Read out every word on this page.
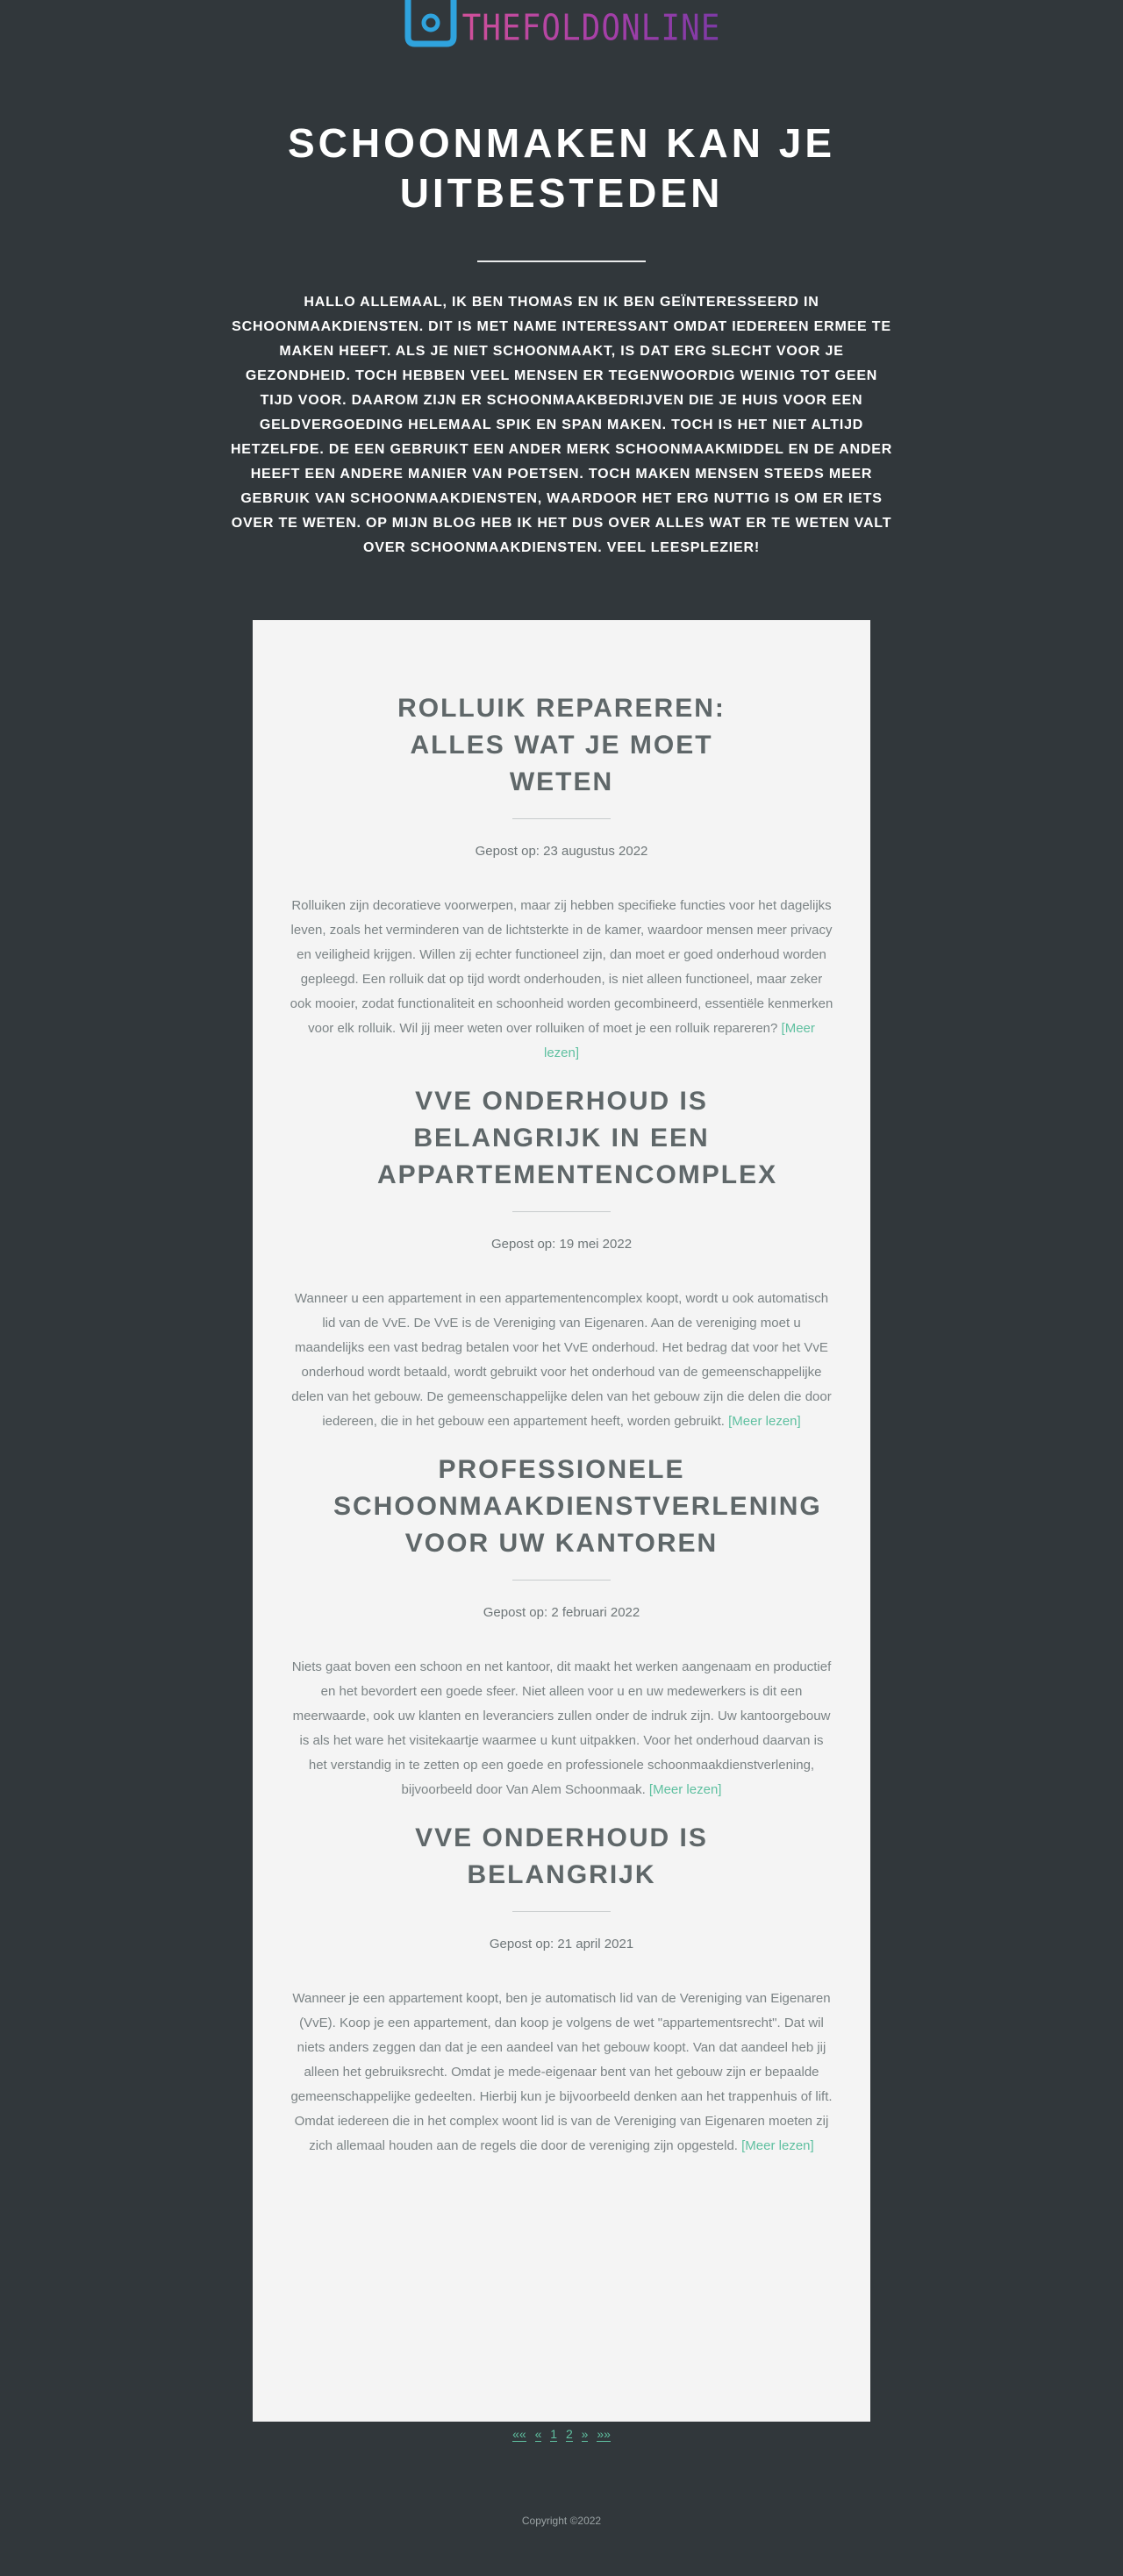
THEFOLDONLINE
SCHOONMAKEN KAN JE UITBESTEDEN

HALLO ALLEMAAL, IK BEN THOMAS EN IK BEN GEÏNTERESSEERD IN SCHOONMAAKDIENSTEN. DIT IS MET NAME INTERESSANT OMDAT IEDEREEN ERMEE TE MAKEN HEEFT. ALS JE NIET SCHOONMAAKT, IS DAT ERG SLECHT VOOR JE GEZONDHEID. TOCH HEBBEN VEEL MENSEN ER TEGENWOORDIG WEINIG TOT GEEN TIJD VOOR. DAAROM ZIJN ER SCHOONMAAKBEDRIJVEN DIE JE HUIS VOOR EEN GELDVERGOEDING HELEMAAL SPIK EN SPAN MAKEN. TOCH IS HET NIET ALTIJD HETZELFDE. DE EEN GEBRUIKT EEN ANDER MERK SCHOONMAAKMIDDEL EN DE ANDER HEEFT EEN ANDERE MANIER VAN POETSEN. TOCH MAKEN MENSEN STEEDS MEER GEBRUIK VAN SCHOONMAAKDIENSTEN, WAARDOOR HET ERG NUTTIG IS OM ER IETS OVER TE WETEN. OP MIJN BLOG HEB IK HET DUS OVER ALLES WAT ER TE WETEN VALT OVER SCHOONMAAKDIENSTEN. VEEL LEESPLEZIER!

ROLLUIK REPAREREN: ALLES WAT JE MOET WETEN

Gepost op: 23 augustus 2022

Rolluiken zijn decoratieve voorwerpen, maar zij hebben specifieke functies voor het dagelijks leven, zoals het verminderen van de lichtsterkte in de kamer, waardoor mensen meer privacy en veiligheid krijgen. Willen zij echter functioneel zijn, dan moet er goed onderhoud worden gepleegd. Een rolluik dat op tijd wordt onderhouden, is niet alleen functioneel, maar zeker ook mooier, zodat functionaliteit en schoonheid worden gecombineerd, essentiële kenmerken voor elk rolluik. Wil jij meer weten over rolluiken of moet je een rolluik repareren? [Meer lezen]

VVE ONDERHOUD IS BELANGRIJK IN EEN APPARTEMENTENCOMPLEX

Gepost op: 19 mei 2022

Wanneer u een appartement in een appartementencomplex koopt, wordt u ook automatisch lid van de VvE. De VvE is de Vereniging van Eigenaren. Aan de vereniging moet u maandelijks een vast bedrag betalen voor het VvE onderhoud. Het bedrag dat voor het VvE onderhoud wordt betaald, wordt gebruikt voor het onderhoud van de gemeenschappelijke delen van het gebouw. De gemeenschappelijke delen van het gebouw zijn die delen die door iedereen, die in het gebouw een appartement heeft, worden gebruikt. [Meer lezen]

PROFESSIONELE SCHOONMAAKDIENSTVERLENING VOOR UW KANTOREN

Gepost op: 2 februari 2022

Niets gaat boven een schoon en net kantoor, dit maakt het werken aangenaam en productief en het bevordert een goede sfeer. Niet alleen voor u en uw medewerkers is dit een meerwaarde, ook uw klanten en leveranciers zullen onder de indruk zijn. Uw kantoorgebouw is als het ware het visitekaartje waarmee u kunt uitpakken. Voor het onderhoud daarvan is het verstandig in te zetten op een goede en professionele schoonmaakdienstverlening, bijvoorbeeld door Van Alem Schoonmaak. [Meer lezen]

VVE ONDERHOUD IS BELANGRIJK

Gepost op: 21 april 2021

Wanneer je een appartement koopt, ben je automatisch lid van de Vereniging van Eigenaren (VvE). Koop je een appartement, dan koop je volgens de wet "appartementsrecht". Dat wil niets anders zeggen dan dat je een aandeel van het gebouw koopt. Van dat aandeel heb jij alleen het gebruiksrecht. Omdat je mede-eigenaar bent van het gebouw zijn er bepaalde gemeenschappelijke gedeelten. Hierbij kun je bijvoorbeeld denken aan het trappenhuis of lift. Omdat iedereen die in het complex woont lid is van de Vereniging van Eigenaren moeten zij zich allemaal houden aan de regels die door de vereniging zijn opgesteld. [Meer lezen]

«« « 1 2 » »»
Copyright ©2022
